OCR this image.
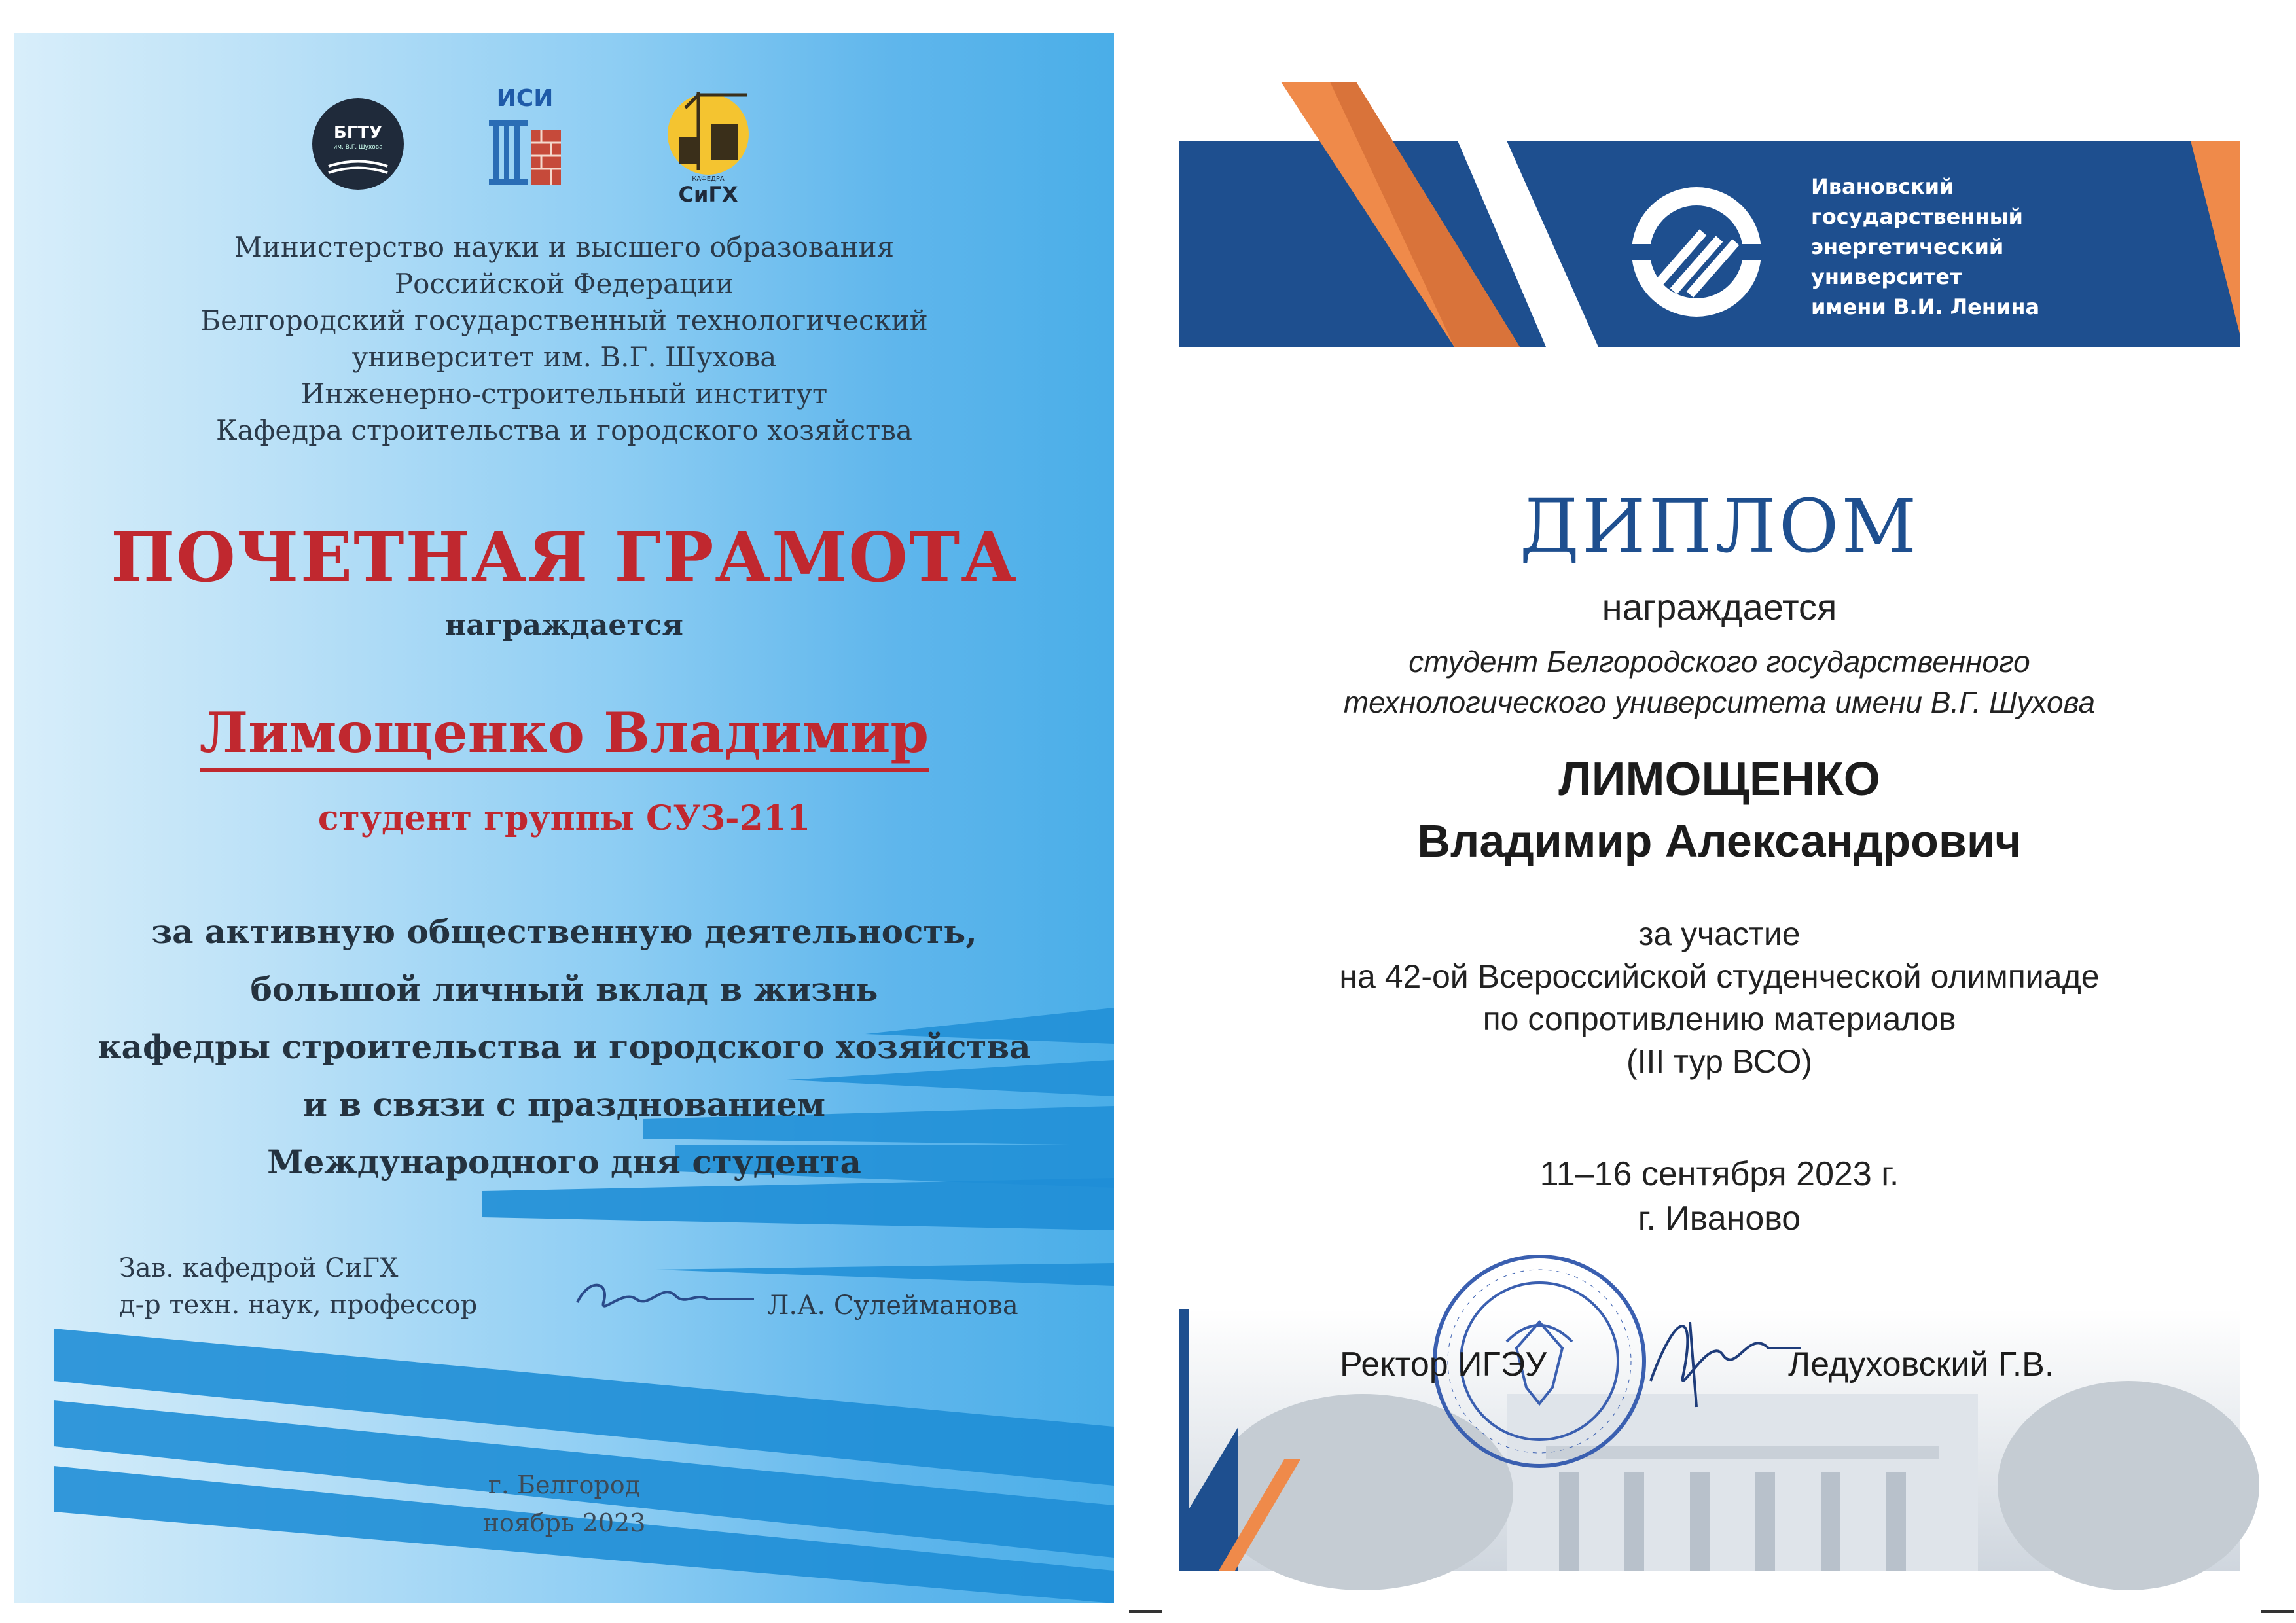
БГТУ
им. В.Г. Шухова
ИСИ
КАФЕДРА
СиГХ
Министерство науки и высшего образования
Российской Федерации
Белгородский государственный технологический
университет им. В.Г. Шухова
Инженерно-строительный институт
Кафедра строительства и городского хозяйства
ПОЧЕТНАЯ ГРАМОТА
награждается
Лимощенко Владимир
студент группы СУЗ-211
за активную общественную деятельность,
большой личный вклад в жизнь
кафедры строительства и городского хозяйства
и в связи с празднованием
Международного дня студента
Зав. кафедрой СиГХ
д-р техн. наук, профессор	Л.А. Сулейманова
г. Белгород
ноябрь 2023
Ивановский
государственный
энергетический
университет
имени В.И. Ленина
ДИПЛОМ
награждается
студент Белгородского государственного
технологического университета имени В.Г. Шухова
ЛИМОЩЕНКО
Владимир Александрович
за участие
на 42-ой Всероссийской студенческой олимпиаде
по сопротивлению материалов
(III тур ВСО)
11–16 сентября 2023 г.
г. Иваново
Ректор ИГЭУ	Ледуховский Г.В.
